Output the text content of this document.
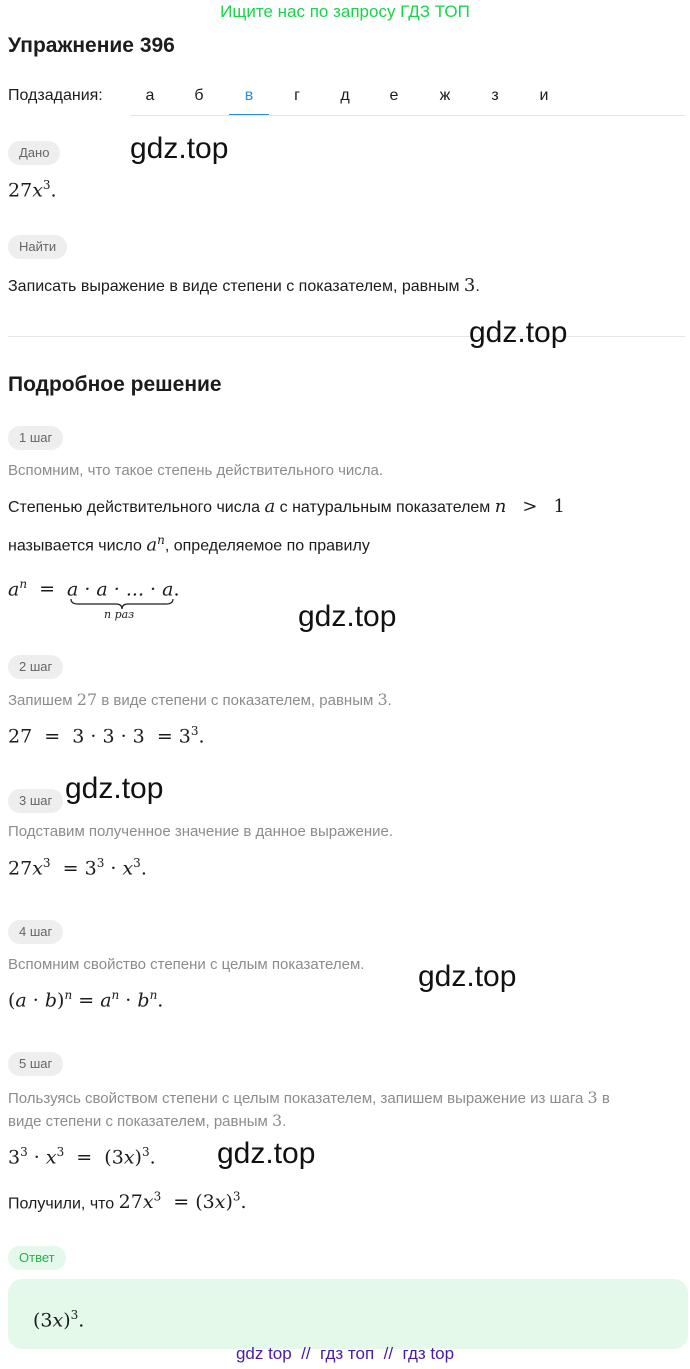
Ищите нас по запросу ГДЗ ТОП
Упражнение 396
Подзадания:	а	б	в	г	д	е	ж	з	и
Дано
$27x^3$.
gdz.top
Найти
Записать выражение в виде степени с показателем, равным 3.
gdz.top
Подробное решение
1 шаг
Вспомним, что такое степень действительного числа.
Степенью действительного числа a с натуральным показателем n > 1
называется число $a^n$, определяемое по правилу
$a^n = a \cdot a$ · ... · a.
n раз	gdz.top
2 шаг
Запишем 27 в виде степени с показателем, равным 3.
$27 = 3 \cdot 3 \cdot 3 = 3^3$.
gdz.top
3 шаг
Подставим полученное значение в данное выражение.
$27x^3 = 3^3 \cdot x^3$.
4 шаг
Вспомним свойство степени с целым показателем. gdz.top
$(a \cdot b)^n = a^n \cdot b^n$.
5 шаг
Пользуясь свойством степени с целым показателем, запишем выражение из шага 3 в
виде степени с показателем, равным 3.
$3^3 \cdot x^3 = (3x)^3$. gdz.top
Получили, что $27x^3 = (3x)^3$.
Ответ
$(3x)^3$.
gdz top  //  гдз топ  //  гдз top
